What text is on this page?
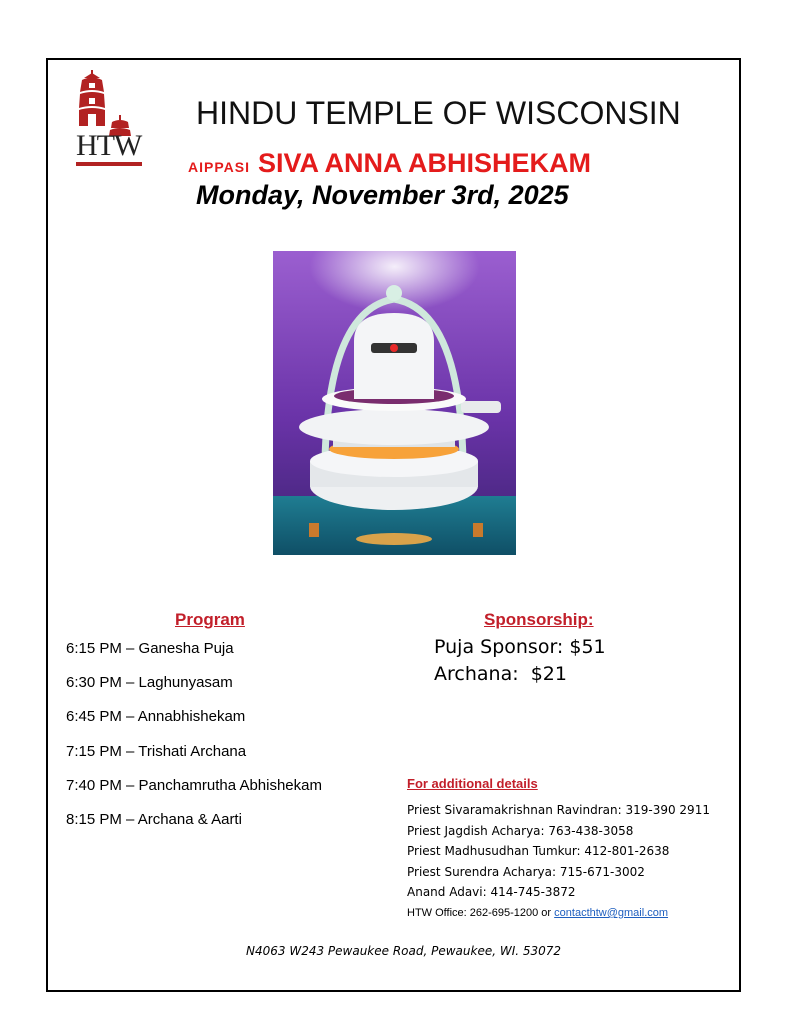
HTW
HINDU TEMPLE OF WISCONSIN
AIPPASI SIVA ANNA ABHISHEKAM
Monday, November 3rd, 2025
Program
6:15 PM – Ganesha Puja
6:30 PM – Laghunyasam
6:45 PM – Annabhishekam
7:15 PM – Trishati Archana
7:40 PM – Panchamrutha Abhishekam
8:15 PM – Archana & Aarti
Sponsorship:
Puja Sponsor: $51
Archana:  $21
For additional details
Priest Sivaramakrishnan Ravindran: 319-390 2911
Priest Jagdish Acharya: 763-438-3058
Priest Madhusudhan Tumkur: 412-801-2638
Priest Surendra Acharya: 715-671-3002
Anand Adavi: 414-745-3872
HTW Office: 262-695-1200 or contacthtw@gmail.com
N4063 W243 Pewaukee Road, Pewaukee, WI. 53072
